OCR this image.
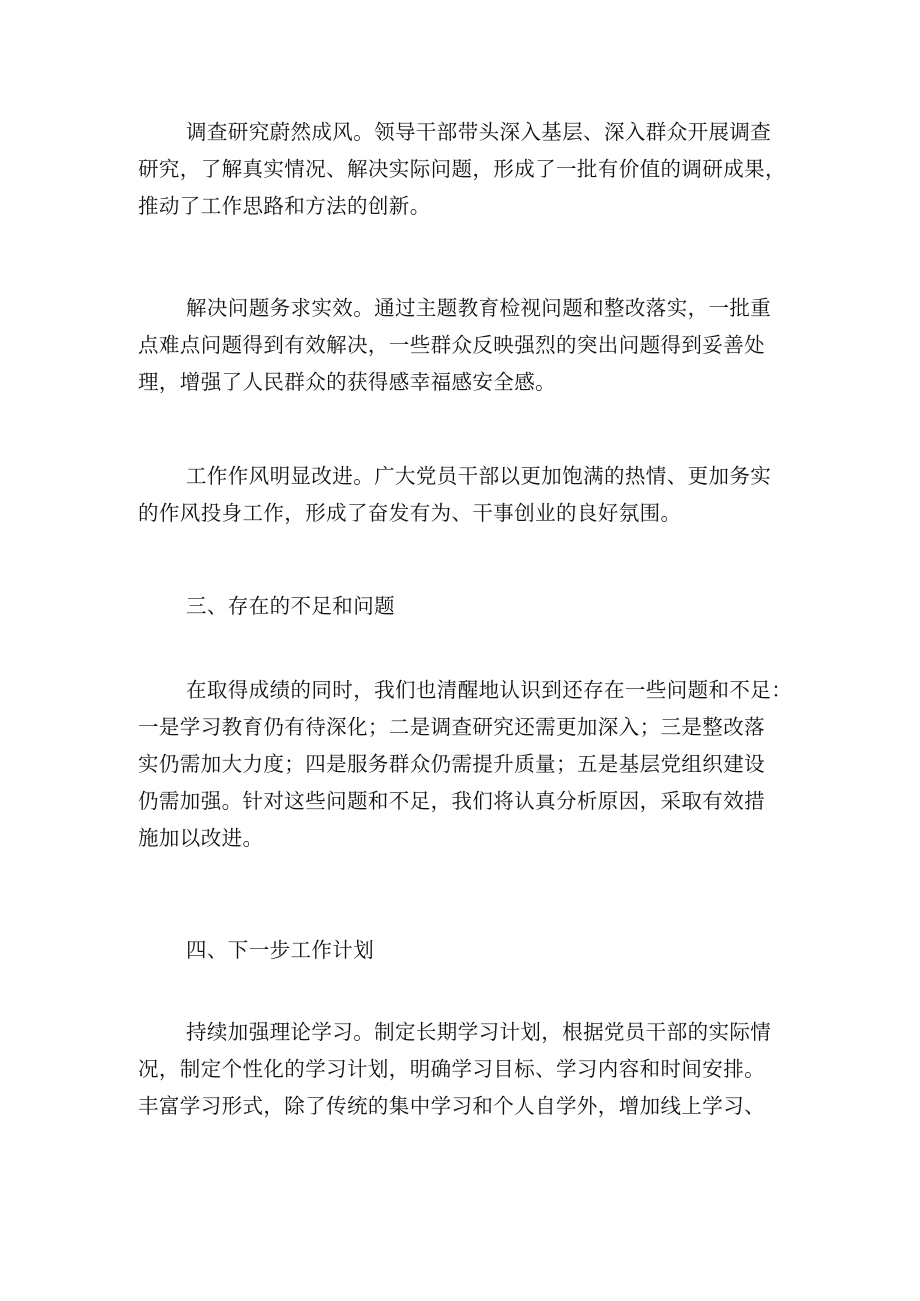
调查研究蔚然成风。领导干部带头深入基层、深入群众开展调查
研究，了解真实情况、解决实际问题，形成了一批有价值的调研成果，
推动了工作思路和方法的创新。

解决问题务求实效。通过主题教育检视问题和整改落实，一批重
点难点问题得到有效解决，一些群众反映强烈的突出问题得到妥善处
理，增强了人民群众的获得感幸福感安全感。

工作作风明显改进。广大党员干部以更加饱满的热情、更加务实
的作风投身工作，形成了奋发有为、干事创业的良好氛围。

三、存在的不足和问题

在取得成绩的同时，我们也清醒地认识到还存在一些问题和不足：
一是学习教育仍有待深化；二是调查研究还需更加深入；三是整改落
实仍需加大力度；四是服务群众仍需提升质量；五是基层党组织建设
仍需加强。针对这些问题和不足，我们将认真分析原因，采取有效措
施加以改进。

四、下一步工作计划

持续加强理论学习。制定长期学习计划，根据党员干部的实际情
况，制定个性化的学习计划，明确学习目标、学习内容和时间安排。
丰富学习形式，除了传统的集中学习和个人自学外，增加线上学习、
